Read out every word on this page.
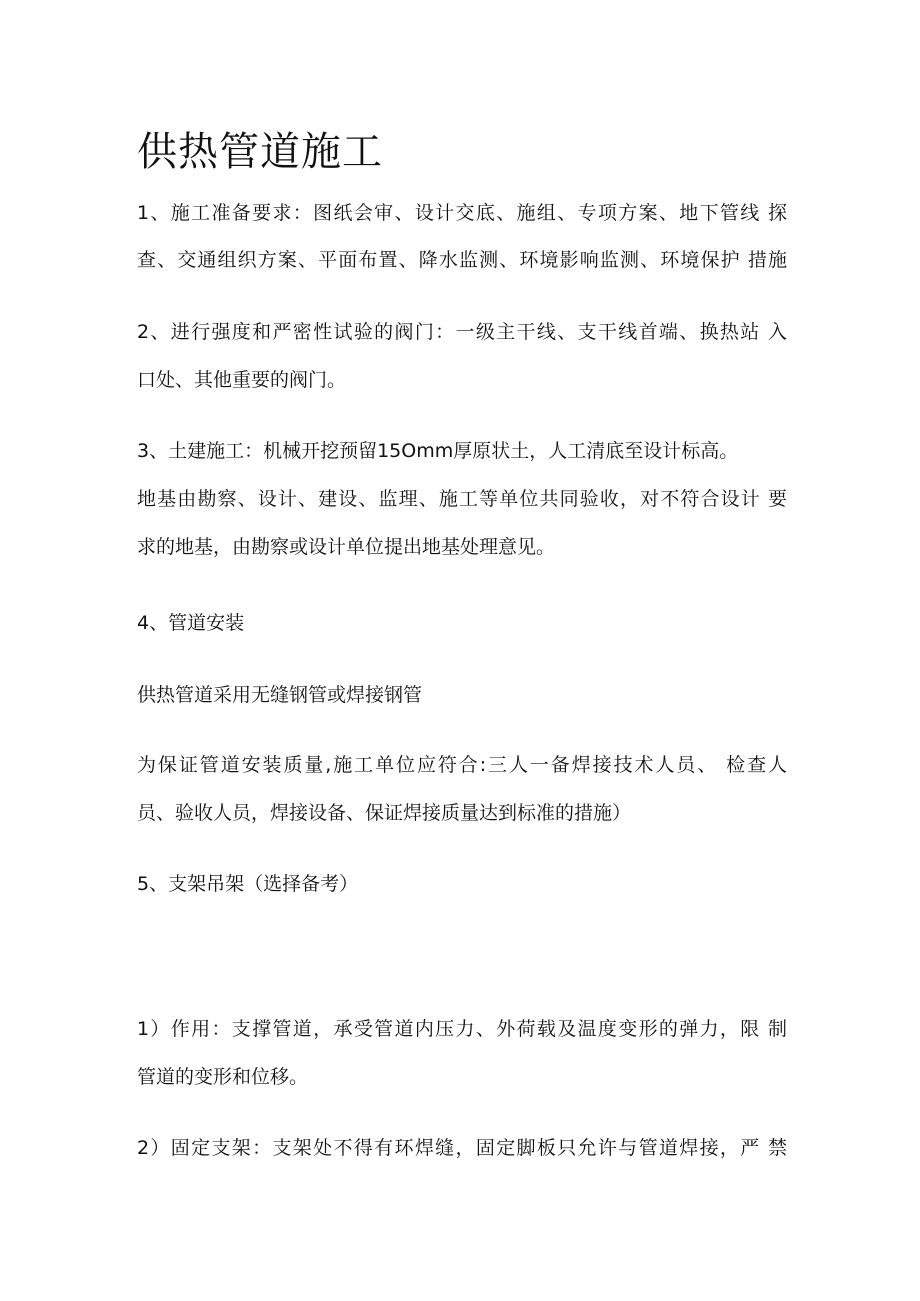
供热管道施工
1、施工准备要求：图纸会审、设计交底、施组、专项方案、地下管线 探
查、交通组织方案、平面布置、降水监测、环境影响监测、环境保护 措施
2、进行强度和严密性试验的阀门：一级主干线、支干线首端、换热站 入
口处、其他重要的阀门。
3、土建施工：机械开挖预留15Omm厚原状土，人工清底至设计标高。
地基由勘察、设计、建设、监理、施工等单位共同验收，对不符合设计 要
求的地基，由勘察或设计单位提出地基处理意见。
4、管道安装
供热管道采用无缝钢管或焊接钢管
为保证管道安装质量,施工单位应符合:三人一备焊接技术人员、 检查人
员、验收人员，焊接设备、保证焊接质量达到标准的措施）
5、支架吊架（选择备考）
1）作用：支撑管道，承受管道内压力、外荷载及温度变形的弹力，限 制
管道的变形和位移。
2）固定支架：支架处不得有环焊缝，固定脚板只允许与管道焊接，严 禁
